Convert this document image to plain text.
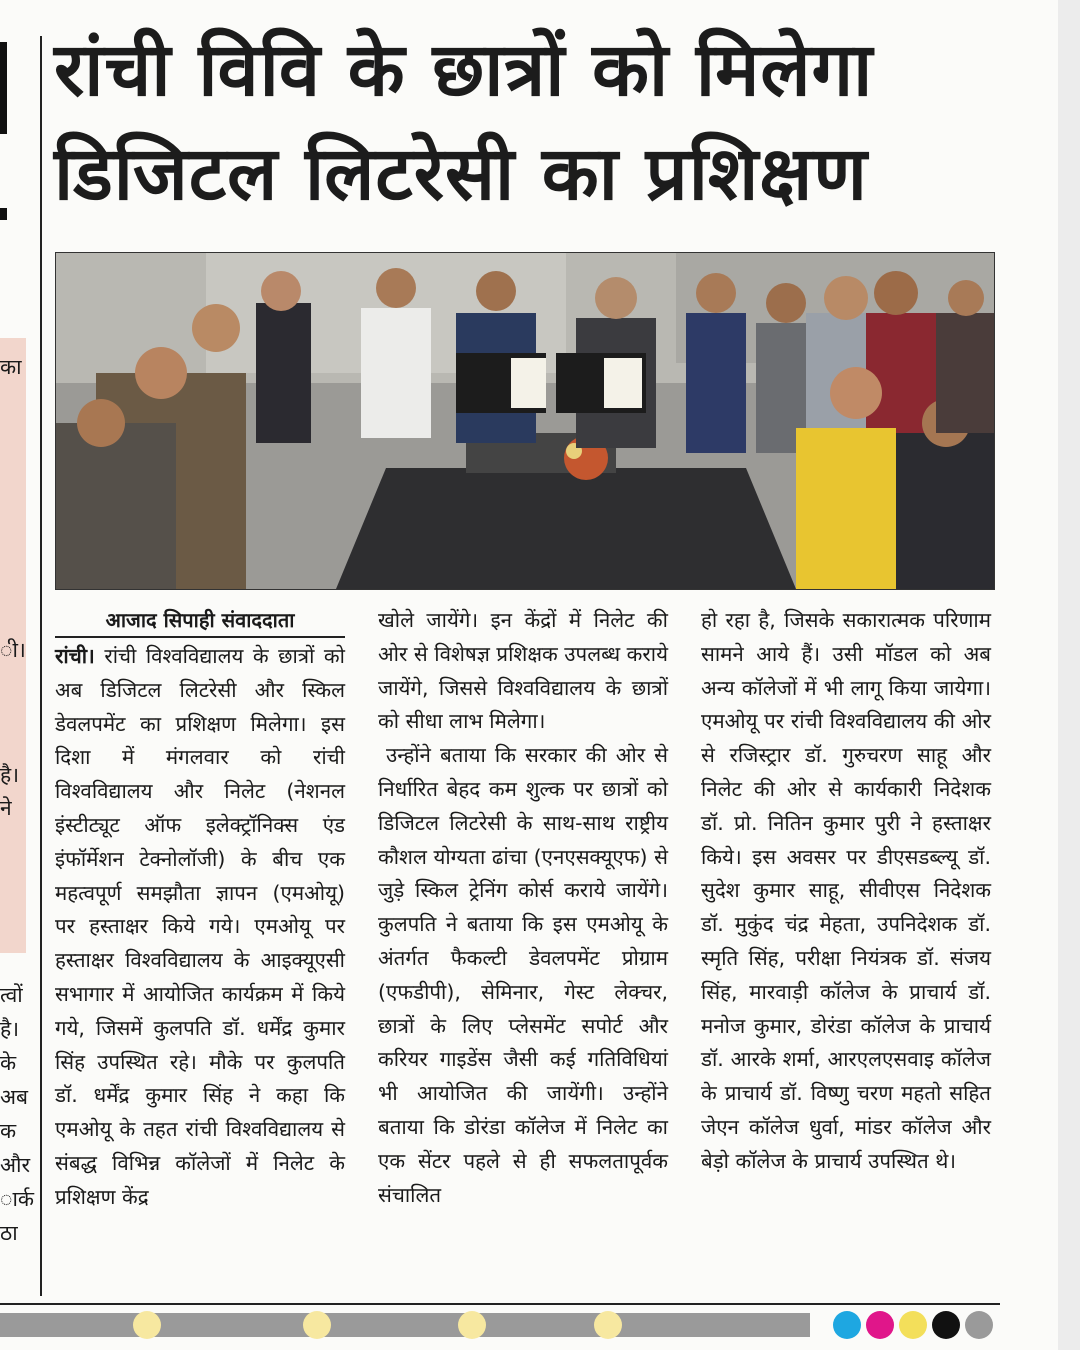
का
ी।
है।
ने
त्वों
है।
के
अब
क
और
ार्क
ठा
रांची विवि के छात्रों को मिलेगा
डिजिटल लिटरेसी का प्रशिक्षण
आजाद सिपाही संवाददाता

रांची। रांची विश्वविद्यालय के छात्रों को अब डिजिटल लिटरेसी और स्किल डेवलपमेंट का प्रशिक्षण मिलेगा। इस दिशा में मंगलवार को रांची विश्वविद्यालय और निलेट (नेशनल इंस्टीट्यूट ऑफ इलेक्ट्रॉनिक्स एंड इंफॉर्मेशन टेक्नोलॉजी) के बीच एक महत्वपूर्ण समझौता ज्ञापन (एमओयू) पर हस्ताक्षर किये गये। एमओयू पर हस्ताक्षर विश्वविद्यालय के आइक्यूएसी सभागार में आयोजित कार्यक्रम में किये गये, जिसमें कुलपति डॉ. धर्मेंद्र कुमार सिंह उपस्थित रहे। मौके पर कुलपति डॉ. धर्मेंद्र कुमार सिंह ने कहा कि एमओयू के तहत रांची विश्वविद्यालय से संबद्ध विभिन्न कॉलेजों में निलेट के प्रशिक्षण केंद्र

खोले जायेंगे। इन केंद्रों में निलेट की ओर से विशेषज्ञ प्रशिक्षक उपलब्ध कराये जायेंगे, जिससे विश्वविद्यालय के छात्रों को सीधा लाभ मिलेगा।

उन्होंने बताया कि सरकार की ओर से निर्धारित बेहद कम शुल्क पर छात्रों को डिजिटल लिटरेसी के साथ-साथ राष्ट्रीय कौशल योग्यता ढांचा (एनएसक्यूएफ) से जुड़े स्किल ट्रेनिंग कोर्स कराये जायेंगे। कुलपति ने बताया कि इस एमओयू के अंतर्गत फैकल्टी डेवलपमेंट प्रोग्राम (एफडीपी), सेमिनार, गेस्ट लेक्चर, छात्रों के लिए प्लेसमेंट सपोर्ट और करियर गाइडेंस जैसी कई गतिविधियां भी आयोजित की जायेंगी। उन्होंने बताया कि डोरंडा कॉलेज में निलेट का एक सेंटर पहले से ही सफलतापूर्वक संचालित

हो रहा है, जिसके सकारात्मक परिणाम सामने आये हैं। उसी मॉडल को अब अन्य कॉलेजों में भी लागू किया जायेगा। एमओयू पर रांची विश्वविद्यालय की ओर से रजिस्ट्रार डॉ. गुरुचरण साहू और निलेट की ओर से कार्यकारी निदेशक डॉ. प्रो. नितिन कुमार पुरी ने हस्ताक्षर किये। इस अवसर पर डीएसडब्ल्यू डॉ. सुदेश कुमार साहू, सीवीएस निदेशक डॉ. मुकुंद चंद्र मेहता, उपनिदेशक डॉ. स्मृति सिंह, परीक्षा नियंत्रक डॉ. संजय सिंह, मारवाड़ी कॉलेज के प्राचार्य डॉ. मनोज कुमार, डोरंडा कॉलेज के प्राचार्य डॉ. आरके शर्मा, आरएलएसवाइ कॉलेज के प्राचार्य डॉ. विष्णु चरण महतो सहित जेएन कॉलेज धुर्वा, मांडर कॉलेज और बेड़ो कॉलेज के प्राचार्य उपस्थित थे।
